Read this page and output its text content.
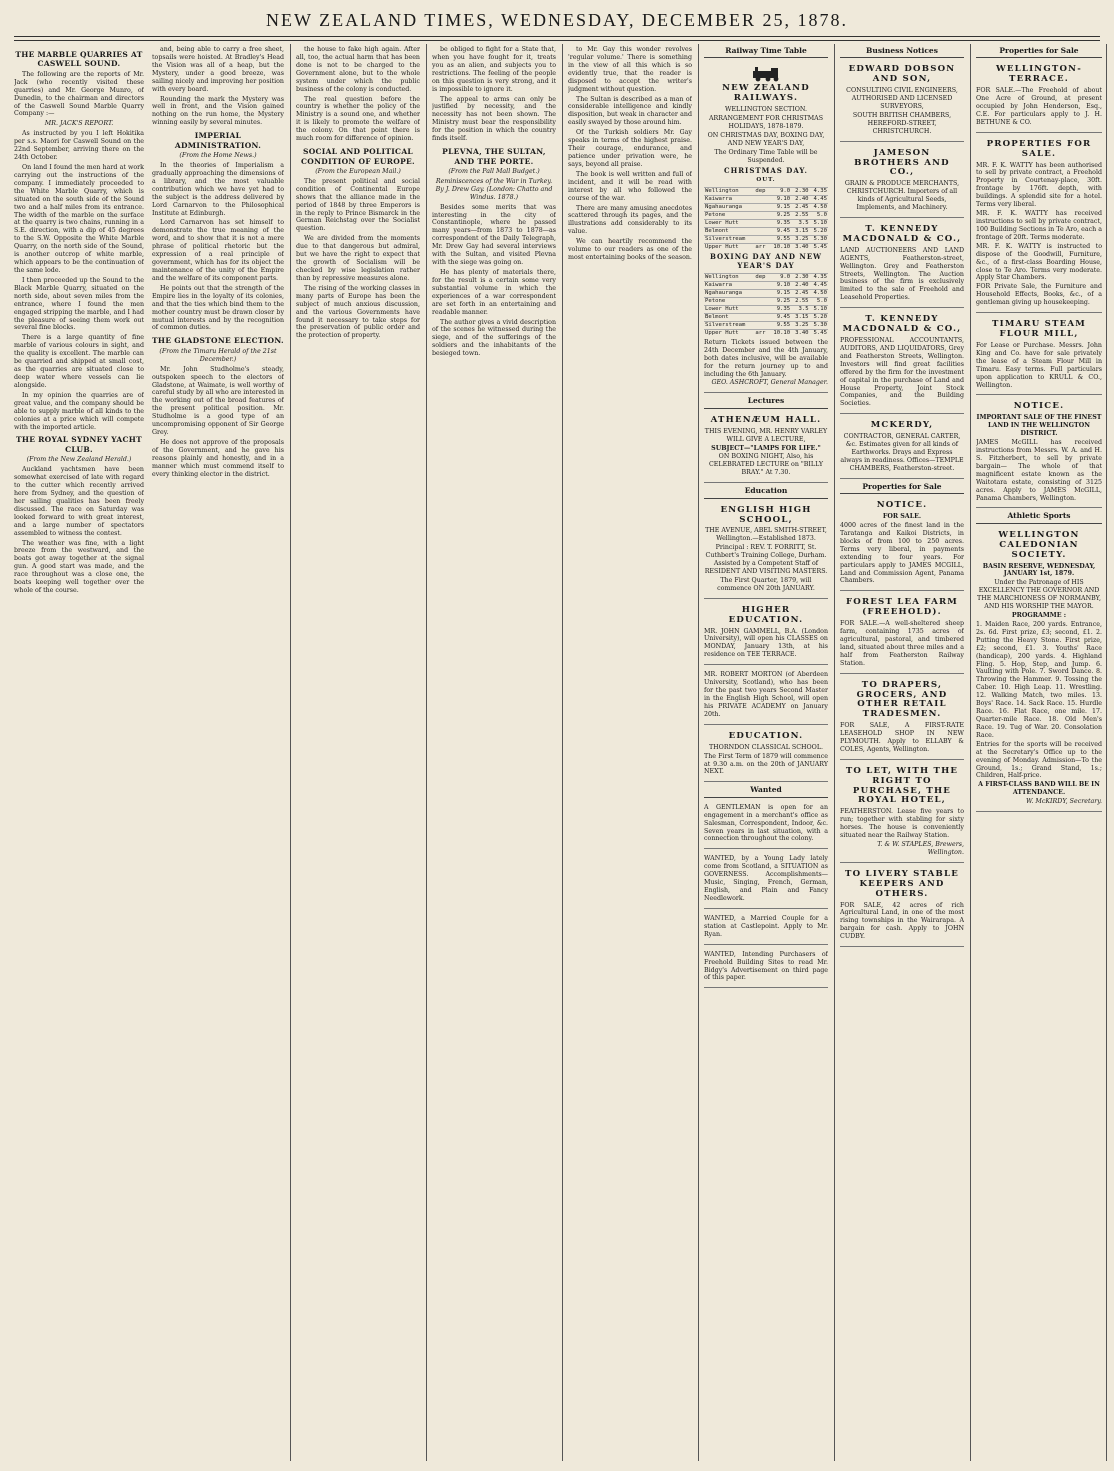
NEW ZEALAND TIMES, WEDNESDAY, DECEMBER 25, 1878.
THE MARBLE QUARRIES AT CASWELL SOUND.

The following are the reports of Mr. Jack (who recently visited these quarries) and Mr. George Munro, of Dunedin, to the chairman and directors of the Caswell Sound Marble Quarry Company :—

MR. JACK'S REPORT.

As instructed by you I left Hokitika per s.s. Maori for Caswell Sound on the 22nd September, arriving there on the 24th October.

On land I found the men hard at work carrying out the instructions of the company. I immediately proceeded to the White Marble Quarry, which is situated on the south side of the Sound two and a half miles from its entrance. The width of the marble on the surface at the quarry is two chains, running in a S.E. direction, with a dip of 45 degrees to the S.W. Opposite the White Marble Quarry, on the north side of the Sound, is another outcrop of white marble, which appears to be the continuation of the same lode.

I then proceeded up the Sound to the Black Marble Quarry, situated on the north side, about seven miles from the entrance, where I found the men engaged stripping the marble, and I had the pleasure of seeing them work out several fine blocks.

There is a large quantity of fine marble of various colours in sight, and the quality is excellent. The marble can be quarried and shipped at small cost, as the quarries are situated close to deep water where vessels can lie alongside.

In my opinion the quarries are of great value, and the company should be able to supply marble of all kinds to the colonies at a price which will compete with the imported article.

THE ROYAL SYDNEY YACHT CLUB.

(From the New Zealand Herald.)

Auckland yachtsmen have been somewhat exercised of late with regard to the cutter which recently arrived here from Sydney, and the question of her sailing qualities has been freely discussed. The race on Saturday was looked forward to with great interest, and a large number of spectators assembled to witness the contest.

The weather was fine, with a light breeze from the westward, and the boats got away together at the signal gun. A good start was made, and the race throughout was a close one, the boats keeping well together over the whole of the course.

and, being able to carry a free sheet, topsails were hoisted. At Bradley's Head the Vision was all of a heap, but the Mystery, under a good breeze, was sailing nicely and improving her position with every board.

Rounding the mark the Mystery was well in front, and the Vision gained nothing on the run home, the Mystery winning easily by several minutes.

IMPERIAL ADMINISTRATION.

(From the Home News.)

In the theories of Imperialism a gradually approaching the dimensions of a library, and the most valuable contribution which we have yet had to the subject is the address delivered by Lord Carnarvon to the Philosophical Institute at Edinburgh.

Lord Carnarvon has set himself to demonstrate the true meaning of the word, and to show that it is not a mere phrase of political rhetoric but the expression of a real principle of government, which has for its object the maintenance of the unity of the Empire and the welfare of its component parts.

He points out that the strength of the Empire lies in the loyalty of its colonies, and that the ties which bind them to the mother country must be drawn closer by mutual interests and by the recognition of common duties.

THE GLADSTONE ELECTION.

(From the Timaru Herald of the 21st December.)

Mr. John Studholme's steady, outspoken speech to the electors of Gladstone, at Waimate, is well worthy of careful study by all who are interested in the working out of the broad features of the present political position. Mr. Studholme is a good type of an uncompromising opponent of Sir George Grey.

He does not approve of the proposals of the Government, and he gave his reasons plainly and honestly, and in a manner which must commend itself to every thinking elector in the district.

the house to fake high again. After all, too, the actual harm that has been done is not to be charged to the Government alone, but to the whole system under which the public business of the colony is conducted.

The real question before the country is whether the policy of the Ministry is a sound one, and whether it is likely to promote the welfare of the colony. On that point there is much room for difference of opinion.

SOCIAL AND POLITICAL CONDITION OF EUROPE.

(From the European Mail.)

The present political and social condition of Continental Europe shows that the alliance made in the period of 1848 by three Emperors is in the reply to Prince Bismarck in the German Reichstag over the Socialist question.

We are divided from the moments due to that dangerous but admiral, but we have the right to expect that the growth of Socialism will be checked by wise legislation rather than by repressive measures alone.

The rising of the working classes in many parts of Europe has been the subject of much anxious discussion, and the various Governments have found it necessary to take steps for the preservation of public order and the protection of property.

be obliged to fight for a State that, when you have fought for it, treats you as an alien, and subjects you to restrictions. The feeling of the people on this question is very strong, and it is impossible to ignore it.

The appeal to arms can only be justified by necessity, and the necessity has not been shown. The Ministry must bear the responsibility for the position in which the country finds itself.

PLEVNA, THE SULTAN, AND THE PORTE.

(From the Pall Mall Budget.)

Reminiscences of the War in Turkey. By J. Drew Gay. (London: Chatto and Windus. 1878.)

Besides some merits that was interesting in the city of Constantinople, where he passed many years—from 1873 to 1878—as correspondent of the Daily Telegraph, Mr. Drew Gay had several interviews with the Sultan, and visited Plevna with the siege was going on.

He has plenty of materials there, for the result is a certain some very substantial volume in which the experiences of a war correspondent are set forth in an entertaining and readable manner.

The author gives a vivid description of the scenes he witnessed during the siege, and of the sufferings of the soldiers and the inhabitants of the besieged town.

to Mr. Gay this wonder revolves 'regular volume.' There is something in the view of all this which is so evidently true, that the reader is disposed to accept the writer's judgment without question.

The Sultan is described as a man of considerable intelligence and kindly disposition, but weak in character and easily swayed by those around him.

Of the Turkish soldiers Mr. Gay speaks in terms of the highest praise. Their courage, endurance, and patience under privation were, he says, beyond all praise.

The book is well written and full of incident, and it will be read with interest by all who followed the course of the war.

There are many amusing anecdotes scattered through its pages, and the illustrations add considerably to its value.

We can heartily recommend the volume to our readers as one of the most entertaining books of the season.

Railway Time Table
NEW ZEALAND RAILWAYS.

WELLINGTON SECTION.

ARRANGEMENT FOR CHRISTMAS HOLIDAYS, 1878-1879.

ON CHRISTMAS DAY, BOXING DAY, AND NEW YEAR'S DAY,

The Ordinary Time Table will be Suspended.

CHRISTMAS DAY.
OUT.
Wellington	dep	9.0	2.30	4.35
Kaiwarra		9.10	2.40	4.45
Ngahauranga		9.15	2.45	4.50
Petone		9.25	2.55	5.0
Lower Hutt		9.35	3.5	5.10
Belmont		9.45	3.15	5.20
Silverstream		9.55	3.25	5.30
Upper Hutt	arr	10.10	3.40	5.45
BOXING DAY AND NEW YEAR'S DAY
Wellington	dep	9.0	2.30	4.35
Kaiwarra		9.10	2.40	4.45
Ngahauranga		9.15	2.45	4.50
Petone		9.25	2.55	5.0
Lower Hutt		9.35	3.5	5.10
Belmont		9.45	3.15	5.20
Silverstream		9.55	3.25	5.30
Upper Hutt	arr	10.10	3.40	5.45

Return Tickets issued between the 24th December and the 4th January, both dates inclusive, will be available for the return journey up to and including the 6th January.

GEO. ASHCROFT, General Manager.

Lectures
ATHENÆUM HALL.

THIS EVENING, MR. HENRY VARLEY WILL GIVE A LECTURE,

SUBJECT—"LAMPS FOR LIFE."

ON BOXING NIGHT, Also, his CELEBRATED LECTURE on "BILLY BRAY." At 7.30.

Education
ENGLISH HIGH SCHOOL,

THE AVENUE, ABEL SMITH-STREET, Wellington.—Established 1873.

Principal : REV. T. FORRITT, St. Cuthbert's Training College, Durham. Assisted by a Competent Staff of RESIDENT AND VISITING MASTERS.

The First Quarter, 1879, will commence ON 20th JANUARY.

HIGHER EDUCATION.

MR. JOHN GAMMELL, B.A. (London University), will open his CLASSES on MONDAY, January 13th, at his residence on TEE TERRACE.

MR. ROBERT MORTON (of Aberdeen University, Scotland), who has been for the past two years Second Master in the English High School, will open his PRIVATE ACADEMY on January 20th.

EDUCATION.

THORNDON CLASSICAL SCHOOL.

The First Term of 1879 will commence at 9.30 a.m. on the 20th of JANUARY NEXT.

Wanted

A GENTLEMAN is open for an engagement in a merchant's office as Salesman, Correspondent, Indoor, &c. Seven years in last situation, with a connection throughout the colony.

WANTED, by a Young Lady lately come from Scotland, a SITUATION as GOVERNESS. Accomplishments—Music, Singing, French, German, English, and Plain and Fancy Needlework.

WANTED, a Married Couple for a station at Castlepoint. Apply to Mr. Ryan.

WANTED, Intending Purchasers of Freehold Building Sites to read Mr. Bidgy's Advertisement on third page of this paper.

Business Notices
EDWARD DOBSON AND SON,

CONSULTING CIVIL ENGINEERS, AUTHORISED AND LICENSED SURVEYORS,

SOUTH BRITISH CHAMBERS, HEREFORD-STREET, CHRISTCHURCH.

JAMESON BROTHERS AND CO.,

GRAIN & PRODUCE MERCHANTS, CHRISTCHURCH. Importers of all kinds of Agricultural Seeds, Implements, and Machinery.

T. KENNEDY MACDONALD & CO.,

LAND AUCTIONEERS AND LAND AGENTS, Featherston-street, Wellington. Grey and Featherston Streets, Wellington. The Auction business of the firm is exclusively limited to the sale of Freehold and Leasehold Properties.

T. KENNEDY MACDONALD & CO.,

PROFESSIONAL ACCOUNTANTS, AUDITORS, AND LIQUIDATORS, Grey and Featherston Streets, Wellington. Investors will find great facilities offered by the firm for the investment of capital in the purchase of Land and House Property, Joint Stock Companies, and the Building Societies.

MCKERDY,

CONTRACTOR, GENERAL CARTER, &c. Estimates given for all kinds of Earthworks. Drays and Express always in readiness. Offices—TEMPLE CHAMBERS, Featherston-street.

Properties for Sale
NOTICE.

FOR SALE.

4000 acres of the finest land in the Taratanga and Kaikoi Districts, in blocks of from 100 to 250 acres. Terms very liberal, in payments extending to four years. For particulars apply to JAMES MCGILL, Land and Commission Agent, Panama Chambers.

FOREST LEA FARM (FREEHOLD).

FOR SALE.—A well-sheltered sheep farm, containing 1735 acres of agricultural, pastoral, and timbered land, situated about three miles and a half from Featherston Railway Station.

TO DRAPERS, GROCERS, AND OTHER RETAIL TRADESMEN.

FOR SALE, A FIRST-RATE LEASEHOLD SHOP IN NEW PLYMOUTH. Apply to ELLABY & COLES, Agents, Wellington.

TO LET, WITH THE RIGHT TO PURCHASE, THE ROYAL HOTEL,

FEATHERSTON. Lease five years to run; together with stabling for sixty horses. The house is conveniently situated near the Railway Station.

T. & W. STAPLES, Brewers, Wellington.

TO LIVERY STABLE KEEPERS AND OTHERS.

FOR SALE, 42 acres of rich Agricultural Land, in one of the most rising townships in the Wairarapa. A bargain for cash. Apply to JOHN CUDBY.

Properties for Sale
WELLINGTON-TERRACE.

FOR SALE.—The Freehold of about One Acre of Ground, at present occupied by John Henderson, Esq., C.E. For particulars apply to J. H. BETHUNE & CO.

PROPERTIES FOR SALE.

MR. F. K. WATTY has been authorised to sell by private contract, a Freehold Property in Courtenay-place, 30ft. frontage by 176ft. depth, with buildings. A splendid site for a hotel. Terms very liberal.

MR. F. K. WATTY has received instructions to sell by private contract, 100 Building Sections in Te Aro, each a frontage of 20ft. Terms moderate.

MR. F. K. WATTY is instructed to dispose of the Goodwill, Furniture, &c., of a first-class Boarding House, close to Te Aro. Terms very moderate. Apply Star Chambers.

FOR Private Sale, the Furniture and Household Effects, Books, &c., of a gentleman giving up housekeeping.

TIMARU STEAM FLOUR MILL,

For Lease or Purchase. Messrs. John King and Co. have for sale privately the lease of a Steam Flour Mill in Timaru. Easy terms. Full particulars upon application to KRULL & CO., Wellington.

NOTICE.

IMPORTANT SALE OF THE FINEST LAND IN THE WELLINGTON DISTRICT.

JAMES McGILL has received instructions from Messrs. W. A. and H. S. Fitzherbert, to sell by private bargain— The whole of that magnificent estate known as the Waitotara estate, consisting of 3125 acres. Apply to JAMES McGILL, Panama Chambers, Wellington.

Athletic Sports
WELLINGTON CALEDONIAN SOCIETY.

BASIN RESERVE, WEDNESDAY, JANUARY 1st, 1879.

Under the Patronage of HIS EXCELLENCY THE GOVERNOR AND THE MARCHIONESS OF NORMANBY, AND HIS WORSHIP THE MAYOR.

PROGRAMME :

1. Maiden Race, 200 yards. Entrance, 2s. 6d. First prize, £3; second, £1. 2. Putting the Heavy Stone. First prize, £2; second, £1. 3. Youths' Race (handicap), 200 yards. 4. Highland Fling. 5. Hop, Step, and Jump. 6. Vaulting with Pole. 7. Sword Dance. 8. Throwing the Hammer. 9. Tossing the Caber. 10. High Leap. 11. Wrestling. 12. Walking Match, two miles. 13. Boys' Race. 14. Sack Race. 15. Hurdle Race. 16. Flat Race, one mile. 17. Quarter-mile Race. 18. Old Men's Race. 19. Tug of War. 20. Consolation Race.

Entries for the sports will be received at the Secretary's Office up to the evening of Monday. Admission—To the Ground, 1s.; Grand Stand, 1s.; Children, Half-price.

A FIRST-CLASS BAND WILL BE IN ATTENDANCE.

W. McKIRDY, Secretary.
